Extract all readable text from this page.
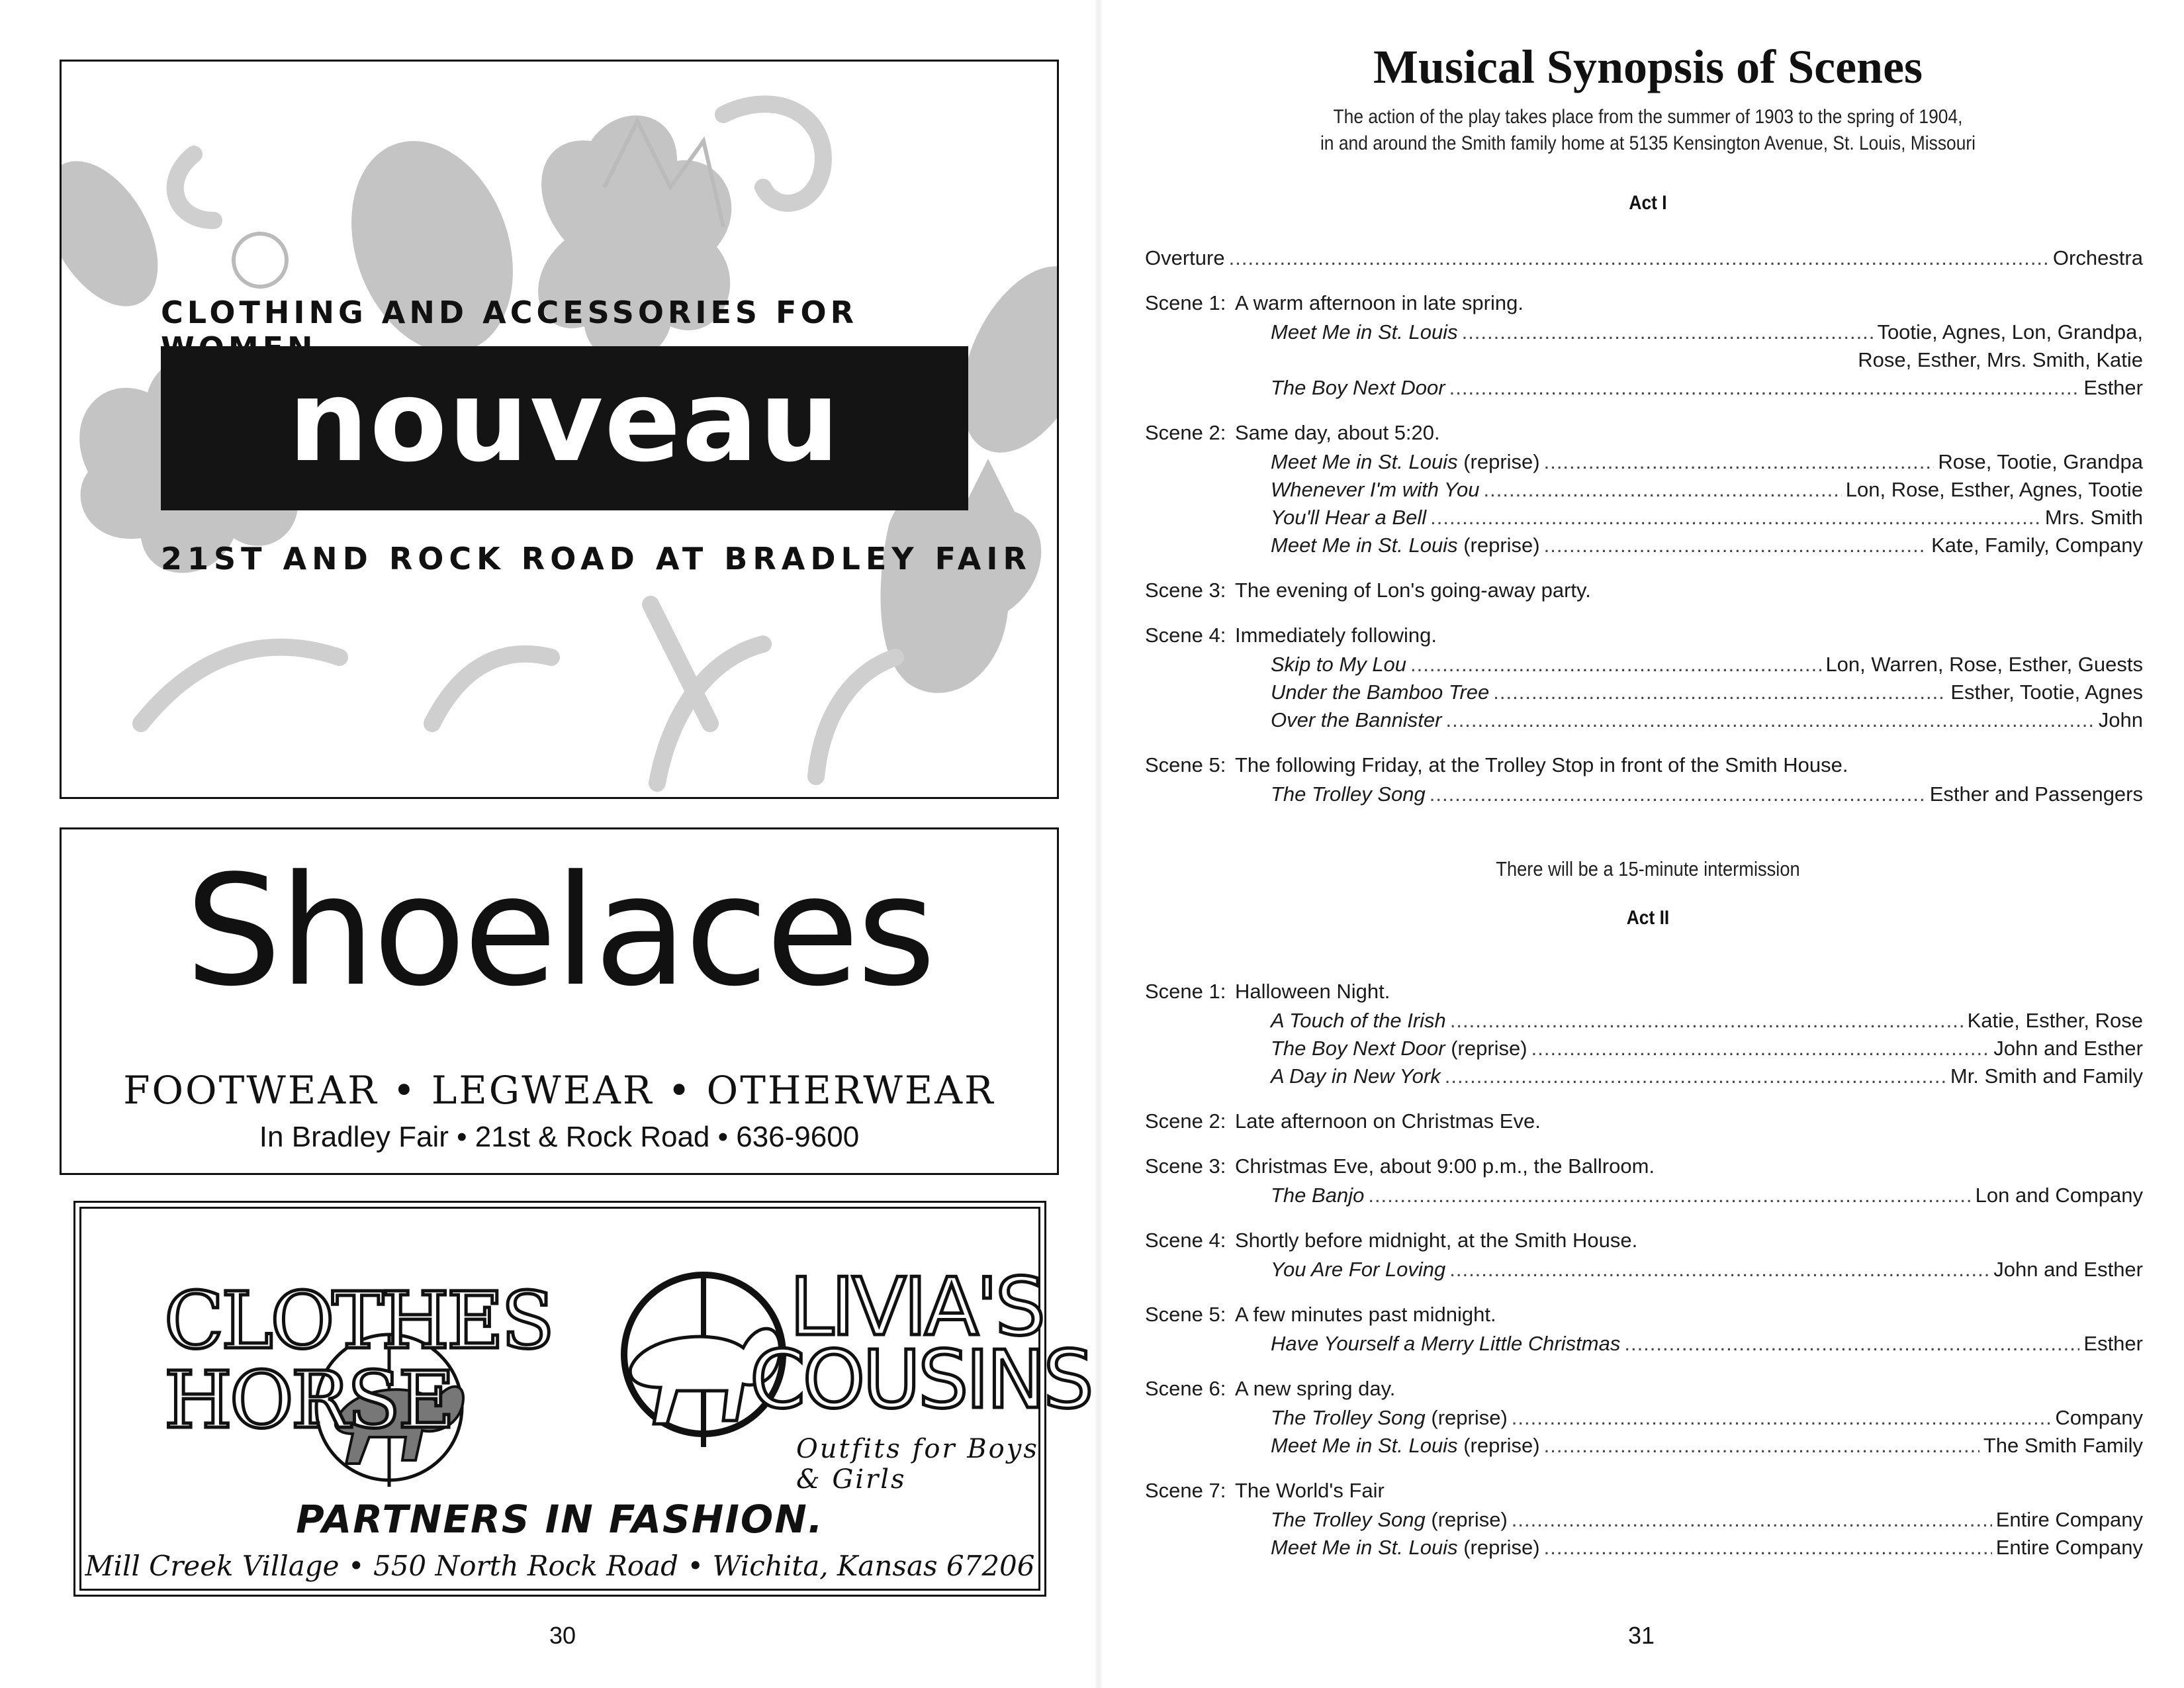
CLOTHING AND ACCESSORIES FOR
nouveau
21ST AND ROCK ROAD AT BRADLEY FAIR
Shoelaces
FOOTWEAR • LEGWEAR • OTHERWEAR
In Bradley Fair • 21st & Rock Road • 636-9600
CLOTHES
HORSE
LIVIA'S
COUSINS
Outfits for Boys & Girls
PARTNERS IN FASHION.
Mill Creek Village • 550 North Rock Road • Wichita, Kansas 67206
30
Musical Synopsis of Scenes
The action of the play takes place from the summer of 1903 to the spring of 1904,
in and around the Smith family home at 5135 Kensington Avenue, St. Louis, Missouri
Act I
Overture .....	Orchestra
Scene 1: A warm afternoon in late spring.
Meet Me in St. Louis .....	Tootie, Agnes, Lon, Grandpa,
Rose, Esther, Mrs. Smith, Katie
The Boy Next Door .....	Esther
Scene 2: Same day, about 5:20.
Meet Me in St. Louis (reprise) .....	Rose, Tootie, Grandpa
Whenever I'm with You .....	Lon, Rose, Esther, Agnes, Tootie
You'll Hear a Bell .....	Mrs. Smith
Meet Me in St. Louis (reprise) .....	Kate, Family, Company
Scene 3: The evening of Lon's going-away party.
Scene 4: Immediately following.
Skip to My Lou .....	Lon, Warren, Rose, Esther, Guests
Under the Bamboo Tree .....	Esther, Tootie, Agnes
Over the Bannister .....	John
Scene 5: The following Friday, at the Trolley Stop in front of the Smith House.
The Trolley Song .....	Esther and Passengers
There will be a 15-minute intermission
Act II
Scene 1: Halloween Night.
A Touch of the Irish .....	Katie, Esther, Rose
The Boy Next Door (reprise) .....	John and Esther
A Day in New York .....	Mr. Smith and Family
Scene 2: Late afternoon on Christmas Eve.
Scene 3: Christmas Eve, about 9:00 p.m., the Ballroom.
The Banjo .....	Lon and Company
Scene 4: Shortly before midnight, at the Smith House.
You Are For Loving .....	John and Esther
Scene 5: A few minutes past midnight.
Have Yourself a Merry Little Christmas .....	Esther
Scene 6: A new spring day.
The Trolley Song (reprise) .....	Company
Meet Me in St. Louis (reprise) .....	The Smith Family
Scene 7: The World's Fair
The Trolley Song (reprise) .....	Entire Company
Meet Me in St. Louis (reprise) .....	Entire Company
31
